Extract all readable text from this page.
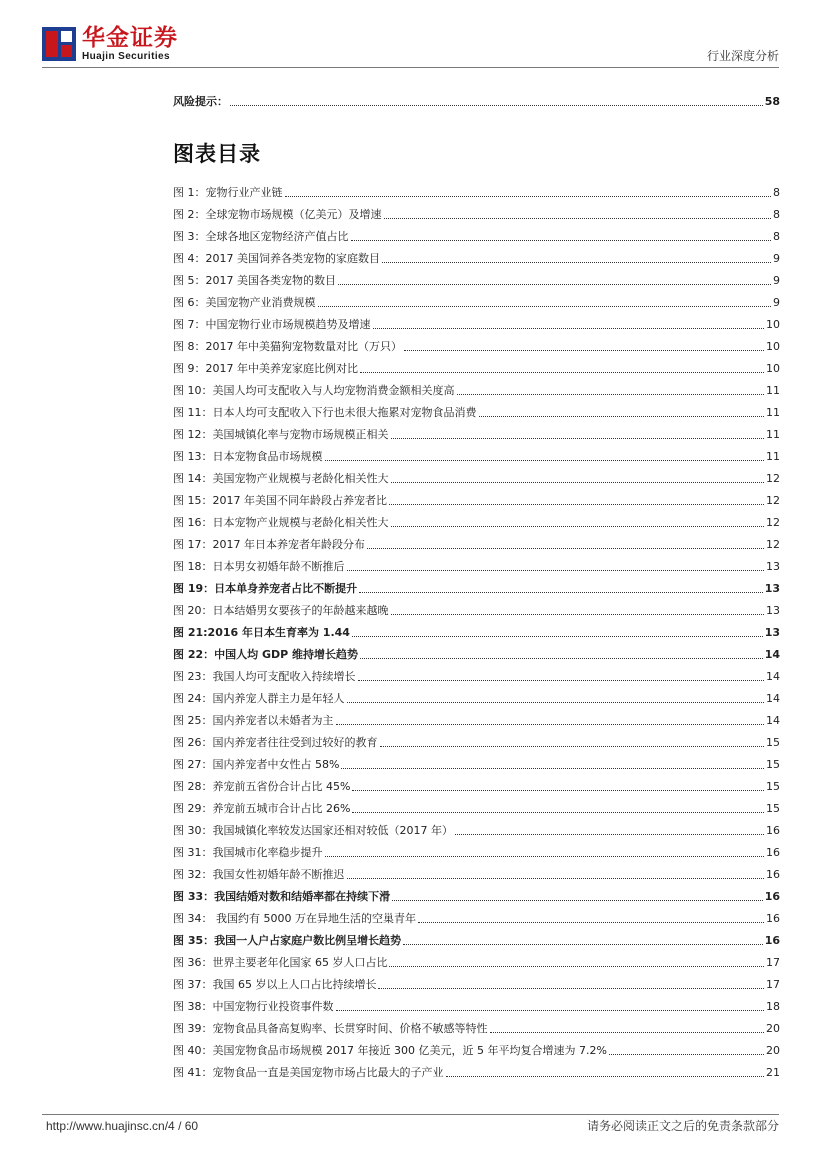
华金证券
Huajin Securities	行业深度分析
风险提示：	58
图表目录
图 1：宠物行业产业链	8
图 2：全球宠物市场规模（亿美元）及增速	8
图 3：全球各地区宠物经济产值占比	8
图 4：2017 美国饲养各类宠物的家庭数目	9
图 5：2017 美国各类宠物的数目	9
图 6：美国宠物产业消费规模	9
图 7：中国宠物行业市场规模趋势及增速	10
图 8：2017 年中美猫狗宠物数量对比（万只）	10
图 9：2017 年中美养宠家庭比例对比	10
图 10：美国人均可支配收入与人均宠物消费金额相关度高	11
图 11：日本人均可支配收入下行也未很大拖累对宠物食品消费	11
图 12：美国城镇化率与宠物市场规模正相关	11
图 13：日本宠物食品市场规模	11
图 14：美国宠物产业规模与老龄化相关性大	12
图 15：2017 年美国不同年龄段占养宠者比	12
图 16：日本宠物产业规模与老龄化相关性大	12
图 17：2017 年日本养宠者年龄段分布	12
图 18：日本男女初婚年龄不断推后	13
图 19：日本单身养宠者占比不断提升	13
图 20：日本结婚男女要孩子的年龄越来越晚	13
图 21:2016 年日本生育率为 1.44	13
图 22：中国人均 GDP 维持增长趋势	14
图 23：我国人均可支配收入持续增长	14
图 24：国内养宠人群主力是年轻人	14
图 25：国内养宠者以未婚者为主	14
图 26：国内养宠者往往受到过较好的教育	15
图 27：国内养宠者中女性占 58%	15
图 28：养宠前五省份合计占比 45%	15
图 29：养宠前五城市合计占比 26%	15
图 30：我国城镇化率较发达国家还相对较低（2017 年）	16
图 31：我国城市化率稳步提升	16
图 32：我国女性初婚年龄不断推迟	16
图 33：我国结婚对数和结婚率都在持续下滑	16
图 34： 我国约有 5000 万在异地生活的空巢青年	16
图 35：我国一人户占家庭户数比例呈增长趋势	16
图 36：世界主要老年化国家 65 岁人口占比	17
图 37：我国 65 岁以上人口占比持续增长	17
图 38：中国宠物行业投资事件数	18
图 39：宠物食品具备高复购率、长贯穿时间、价格不敏感等特性	20
图 40：美国宠物食品市场规模 2017 年接近 300 亿美元，近 5 年平均复合增速为 7.2%	20
图 41：宠物食品一直是美国宠物市场占比最大的子产业	21
http://www.huajinsc.cn/4 / 60	请务必阅读正文之后的免责条款部分
